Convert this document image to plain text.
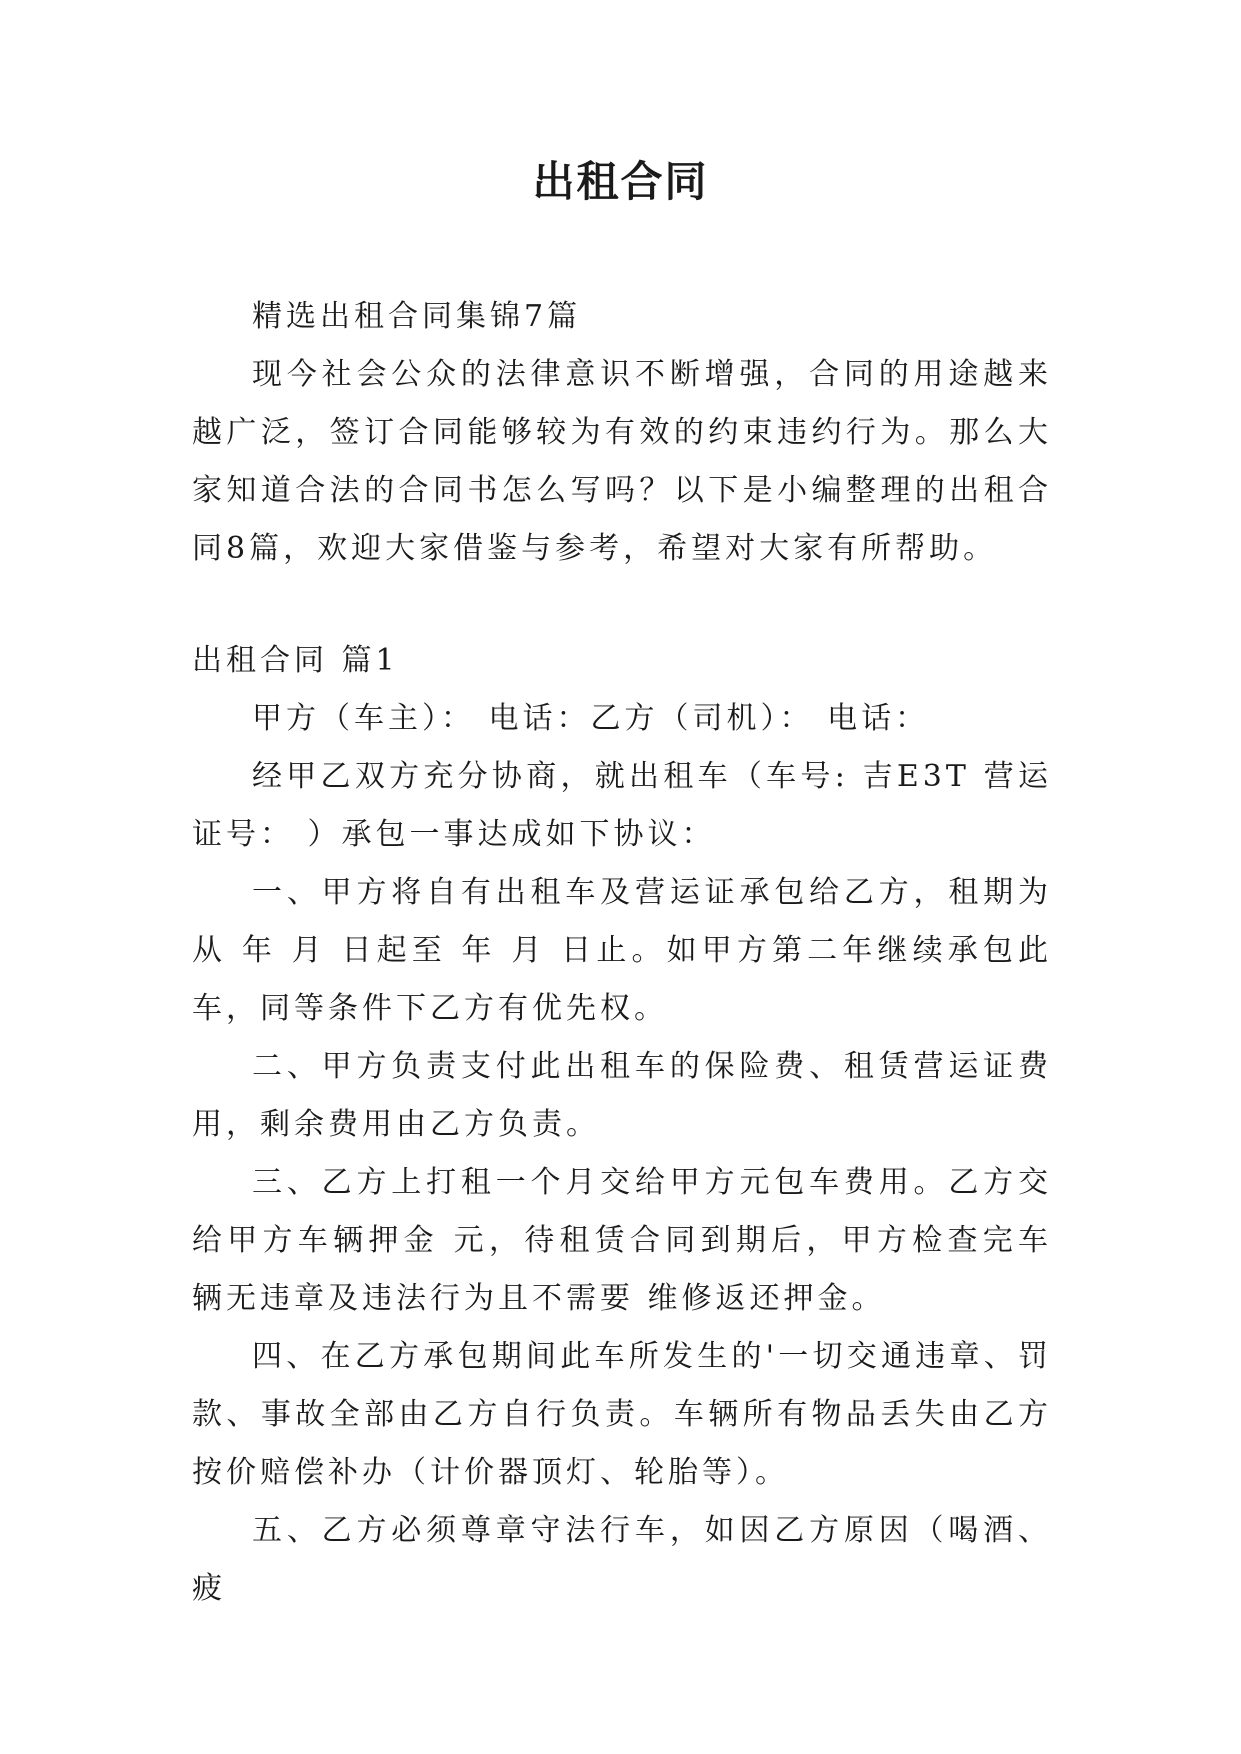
出租合同

精选出租合同集锦7篇

现今社会公众的法律意识不断增强，合同的用途越来越广泛，签订合同能够较为有效的约束违约行为。那么大家知道合法的合同书怎么写吗？以下是小编整理的出租合同8篇，欢迎大家借鉴与参考，希望对大家有所帮助。

出租合同 篇1

甲方（车主）： 电话：乙方（司机）： 电话：

经甲乙双方充分协商，就出租车（车号: 吉E3T 营运证号： ）承包一事达成如下协议：

一、甲方将自有出租车及营运证承包给乙方，租期为从 年 月 日起至 年 月 日止。如甲方第二年继续承包此车，同等条件下乙方有优先权。

二、甲方负责支付此出租车的保险费、租赁营运证费用，剩余费用由乙方负责。

三、乙方上打租一个月交给甲方元包车费用。乙方交给甲方车辆押金 元，待租赁合同到期后，甲方检查完车辆无违章及违法行为且不需要 维修返还押金。

四、在乙方承包期间此车所发生的'一切交通违章、罚款、事故全部由乙方自行负责。车辆所有物品丢失由乙方按价赔偿补办（计价器顶灯、轮胎等）。

五、乙方必须尊章守法行车，如因乙方原因（喝酒、疲
